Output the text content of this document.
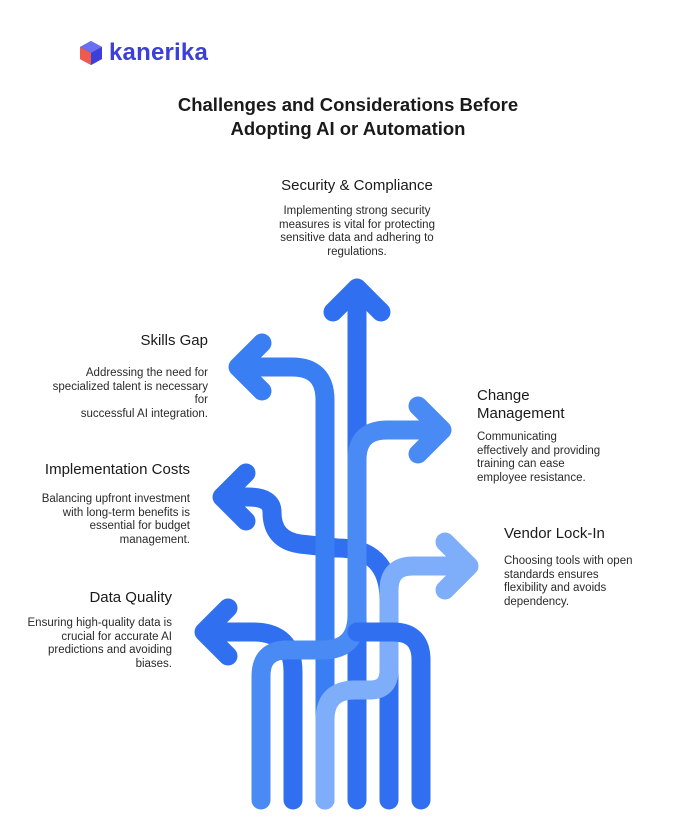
kanerika
Challenges and Considerations Before
Adopting AI or Automation
Security & Compliance
Implementing strong security
measures is vital for protecting
sensitive data and adhering to
regulations.
Skills Gap
Addressing the need for
specialized talent is necessary for
successful AI integration.
Change
Management
Communicating
effectively and providing
training can ease
employee resistance.
Implementation Costs
Balancing upfront investment
with long-term benefits is
essential for budget
management.	Vendor Lock-In
Choosing tools with open
standards ensures
flexibility and avoids
dependency.
Data Quality
Ensuring high-quality data is
crucial for accurate AI
predictions and avoiding
biases.
